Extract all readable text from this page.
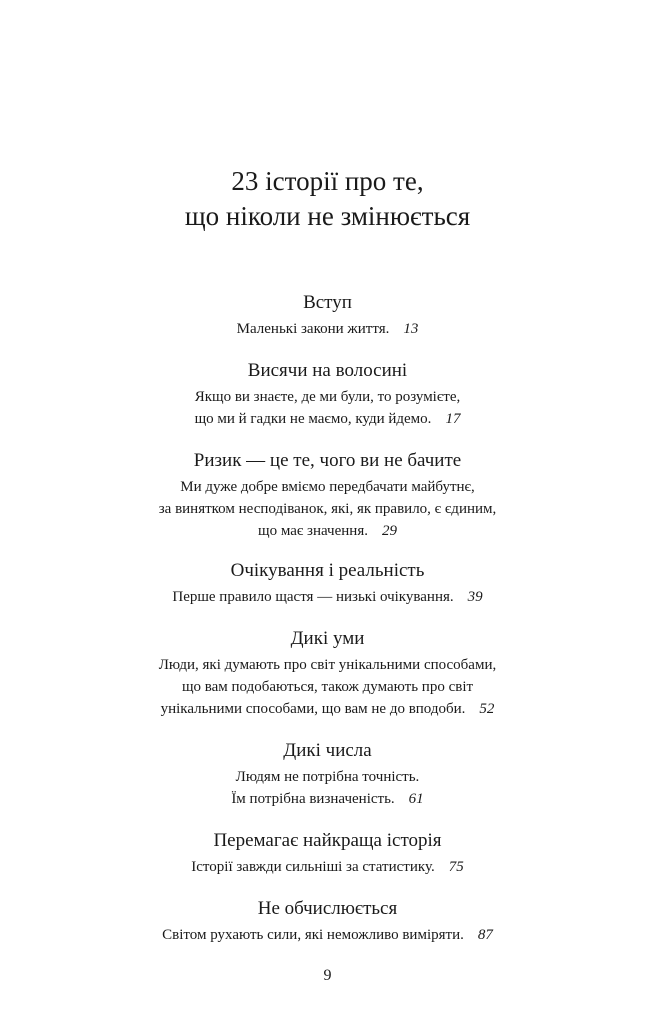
23 історії про те,
що ніколи не змінюється
Вступ

Маленькі закони життя. 13

Висячи на волосині

Якщо ви знаєте, де ми були, то розумієте,
що ми й гадки не маємо, куди йдемо. 17

Ризик — це те, чого ви не бачите

Ми дуже добре вміємо передбачати майбутнє,
за винятком несподіванок, які, як правило, є єдиним,
що має значення. 29

Очікування і реальність

Перше правило щастя — низькі очікування. 39

Дикі уми

Люди, які думають про світ унікальними способами,
що вам подобаються, також думають про світ
унікальними способами, що вам не до вподоби. 52

Дикі числа

Людям не потрібна точність.
Їм потрібна визначеність. 61

Перемагає найкраща історія

Історії завжди сильніші за статистику. 75

Не обчислюється

Світом рухають сили, які неможливо виміряти. 87

9
